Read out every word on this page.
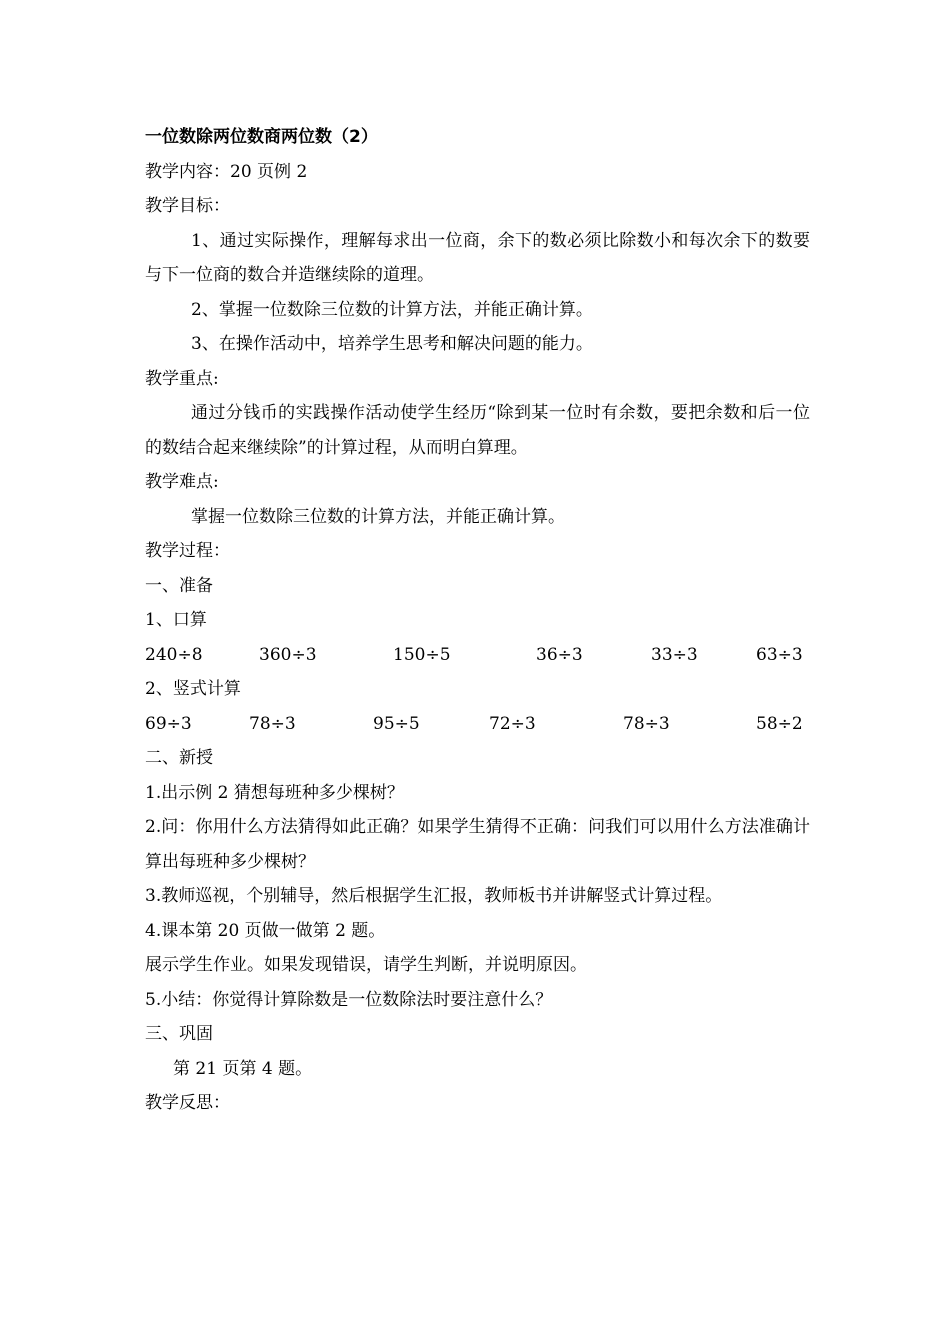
一位数除两位数商两位数（2）
教学内容：20 页例 2
教学目标：
1、通过实际操作，理解每求出一位商，余下的数必须比除数小和每次余下的数要与下一位商的数合并造继续除的道理。
2、掌握一位数除三位数的计算方法，并能正确计算。
3、在操作活动中，培养学生思考和解决问题的能力。
教学重点:
通过分钱币的实践操作活动使学生经历“除到某一位时有余数，要把余数和后一位的数结合起来继续除”的计算过程，从而明白算理。
教学难点:
掌握一位数除三位数的计算方法，并能正确计算。
教学过程：
一、准备
1、口算
240÷8	360÷3	150÷5	36÷3	33÷3	63÷3
2、竖式计算
69÷3	78÷3	95÷5	72÷3	78÷3	58÷2
二、新授
1.出示例 2 猜想每班种多少棵树？
2.问：你用什么方法猜得如此正确？如果学生猜得不正确：问我们可以用什么方法准确计算出每班种多少棵树？
3.教师巡视，个别辅导，然后根据学生汇报，教师板书并讲解竖式计算过程。
4.课本第 20 页做一做第 2 题。
展示学生作业。如果发现错误，请学生判断，并说明原因。
5.小结：你觉得计算除数是一位数除法时要注意什么？
三、巩固
第 21 页第 4 题。
教学反思：
